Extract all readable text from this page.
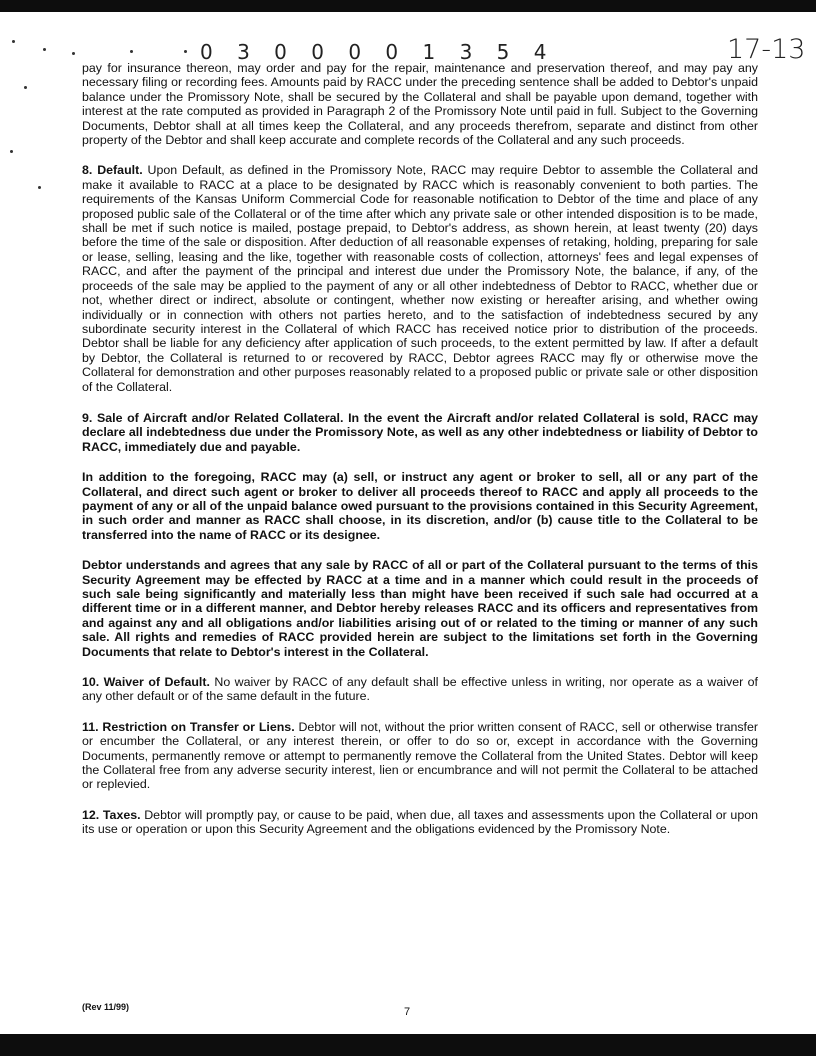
0 3 0 0 0 0 1 3 5 4	17-13

pay for insurance thereon, may order and pay for the repair, maintenance and preservation thereof, and may pay any necessary filing or recording fees. Amounts paid by RACC under the preceding sentence shall be added to Debtor's unpaid balance under the Promissory Note, shall be secured by the Collateral and shall be payable upon demand, together with interest at the rate computed as provided in Paragraph 2 of the Promissory Note until paid in full. Subject to the Governing Documents, Debtor shall at all times keep the Collateral, and any proceeds therefrom, separate and distinct from other property of the Debtor and shall keep accurate and complete records of the Collateral and any such proceeds.

8. Default. Upon Default, as defined in the Promissory Note, RACC may require Debtor to assemble the Collateral and make it available to RACC at a place to be designated by RACC which is reasonably convenient to both parties. The requirements of the Kansas Uniform Commercial Code for reasonable notification to Debtor of the time and place of any proposed public sale of the Collateral or of the time after which any private sale or other intended disposition is to be made, shall be met if such notice is mailed, postage prepaid, to Debtor's address, as shown herein, at least twenty (20) days before the time of the sale or disposition. After deduction of all reasonable expenses of retaking, holding, preparing for sale or lease, selling, leasing and the like, together with reasonable costs of collection, attorneys' fees and legal expenses of RACC, and after the payment of the principal and interest due under the Promissory Note, the balance, if any, of the proceeds of the sale may be applied to the payment of any or all other indebtedness of Debtor to RACC, whether due or not, whether direct or indirect, absolute or contingent, whether now existing or hereafter arising, and whether owing individually or in connection with others not parties hereto, and to the satisfaction of indebtedness secured by any subordinate security interest in the Collateral of which RACC has received notice prior to distribution of the proceeds. Debtor shall be liable for any deficiency after application of such proceeds, to the extent permitted by law. If after a default by Debtor, the Collateral is returned to or recovered by RACC, Debtor agrees RACC may fly or otherwise move the Collateral for demonstration and other purposes reasonably related to a proposed public or private sale or other disposition of the Collateral.

9. Sale of Aircraft and/or Related Collateral. In the event the Aircraft and/or related Collateral is sold, RACC may declare all indebtedness due under the Promissory Note, as well as any other indebtedness or liability of Debtor to RACC, immediately due and payable.

In addition to the foregoing, RACC may (a) sell, or instruct any agent or broker to sell, all or any part of the Collateral, and direct such agent or broker to deliver all proceeds thereof to RACC and apply all proceeds to the payment of any or all of the unpaid balance owed pursuant to the provisions contained in this Security Agreement, in such order and manner as RACC shall choose, in its discretion, and/or (b) cause title to the Collateral to be transferred into the name of RACC or its designee.

Debtor understands and agrees that any sale by RACC of all or part of the Collateral pursuant to the terms of this Security Agreement may be effected by RACC at a time and in a manner which could result in the proceeds of such sale being significantly and materially less than might have been received if such sale had occurred at a different time or in a different manner, and Debtor hereby releases RACC and its officers and representatives from and against any and all obligations and/or liabilities arising out of or related to the timing or manner of any such sale. All rights and remedies of RACC provided herein are subject to the limitations set forth in the Governing Documents that relate to Debtor's interest in the Collateral.

10. Waiver of Default. No waiver by RACC of any default shall be effective unless in writing, nor operate as a waiver of any other default or of the same default in the future.

11. Restriction on Transfer or Liens. Debtor will not, without the prior written consent of RACC, sell or otherwise transfer or encumber the Collateral, or any interest therein, or offer to do so or, except in accordance with the Governing Documents, permanently remove or attempt to permanently remove the Collateral from the United States. Debtor will keep the Collateral free from any adverse security interest, lien or encumbrance and will not permit the Collateral to be attached or replevied.

12. Taxes. Debtor will promptly pay, or cause to be paid, when due, all taxes and assessments upon the Collateral or upon its use or operation or upon this Security Agreement and the obligations evidenced by the Promissory Note.

(Rev 11/99)	7
